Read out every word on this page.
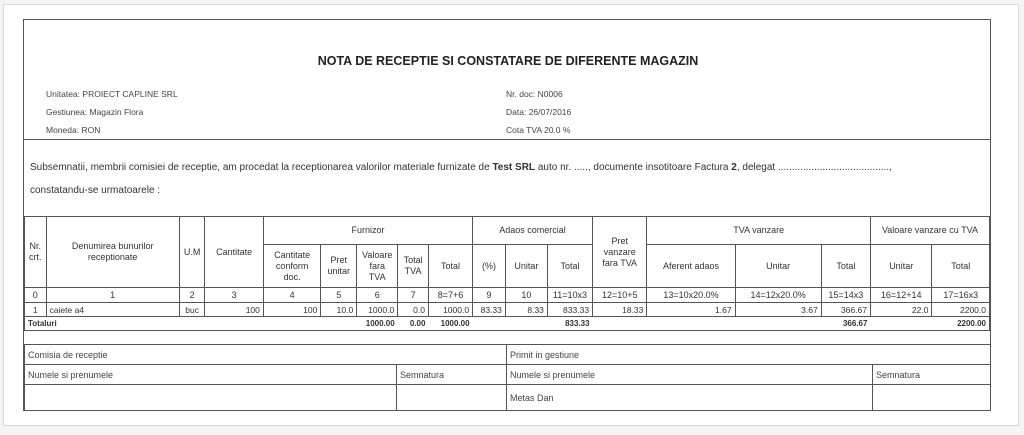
NOTA DE RECEPTIE SI CONSTATARE DE DIFERENTE MAGAZIN
Unitatea: PROIECT CAPLINE SRL
Gestiunea: Magazin Flora
Moneda: RON
Nr. doc: N0006
Data: 26/07/2016
Cota TVA 20.0 %
Subsemnatii, membrii comisiei de receptie, am procedat la receptionarea valorilor materiale furnizate de Test SRL auto nr. ....., documente insotitoare Factura 2, delegat ........................................,
constatandu-se urmatoarele :
Nr. crt.	Denumirea bunurilor receptionate	U.M	Cantitate	Furnizor					Adaos comercial			Pret vanzare fara TVA	TVA vanzare			Valoare vanzare cu TVA	
				Cantitate conform doc.	Pret unitar	Valoare fara TVA	Total TVA	Total	(%)	Unitar	Total		Aferent adaos	Unitar	Total	Unitar	Total
0	1	2	3	4	5	6	7	8=7+6	9	10	11=10x3	12=10+5	13=10x20.0%	14=12x20.0%	15=14x3	16=12+14	17=16x3
1	caiete a4	buc	100	100	10.0	1000.0	0.0	1000.0	83.33	8.33	833.33	18.33	1.67	3.67	366.67	22.0	2200.0
Totaluri						1000.00	0.00	1000.00			833.33				366.67		2200.00
Comisia de receptie		Primit in gestiune	
Numele si prenumele	Semnatura	Numele si prenumele	Semnatura
		Metas Dan	
